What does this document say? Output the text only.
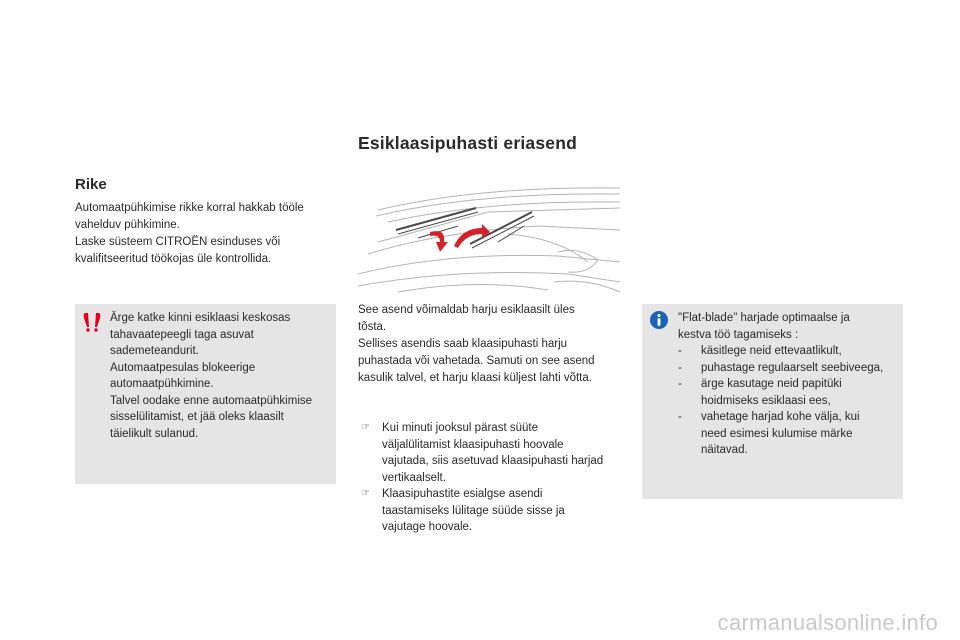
Esiklaasipuhasti eriasend
Rike
Automaatpühkimise rikke korral hakkab tööle
vahelduv pühkimine.
Laske süsteem CITROËN esinduses või
kvalifitseeritud töökojas üle kontrollida.
Ärge katke kinni esiklaasi keskosas
tahavaatepeegli taga asuvat
sademeteandurit.
Automaatpesulas blokeerige
automaatpühkimine.
Talvel oodake enne automaatpühkimise
sisselülitamist, et jää oleks klaasilt
täielikult sulanud.
See asend võimaldab harju esiklaasilt üles
tõsta.
Sellises asendis saab klaasipuhasti harju
puhastada või vahetada. Samuti on see asend
kasulik talvel, et harju klaasi küljest lahti võtta.
☞ Kui minuti jooksul pärast süüte
väljalülitamist klaasipuhasti hoovale
vajutada, siis asetuvad klaasipuhasti harjad
vertikaalselt.
☞ Klaasipuhastite esialgse asendi
taastamiseks lülitage süüde sisse ja
vajutage hoovale.
"Flat-blade" harjade optimaalse ja
kestva töö tagamiseks :
- käsitlege neid ettevaatlikult,
- puhastage regulaarselt seebiveega,
- ärge kasutage neid papitüki
hoidmiseks esiklaasi ees,
- vahetage harjad kohe välja, kui
need esimesi kulumise märke
näitavad.
carmanualsonline.info
